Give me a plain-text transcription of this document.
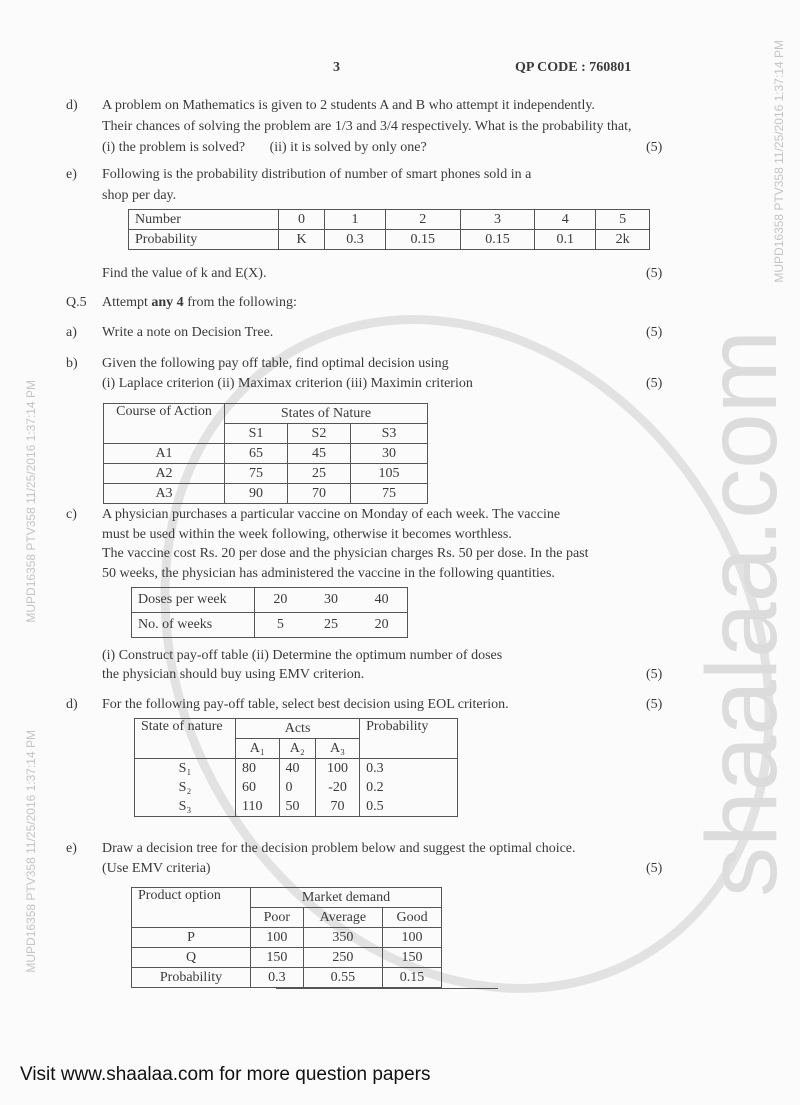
shaalaa.com
MUPD16358 PTV358 11/25/2016 1:37:14 PM
MUPD16358 PTV358 11/25/2016 1:37:14 PM
MUPD16358 PTV358 11/25/2016 1:37:14 PM
3	QP CODE : 760801
d) A problem on Mathematics is given to 2 students A and B who attempt it independently.
Their chances of solving the problem are 1/3 and 3/4 respectively. What is the probability that,
(i) the problem is solved?       (ii) it is solved by only one?	(5)
e) Following is the probability distribution of number of smart phones sold in a
shop per day.
Number	0	1	2	3	4	5
Probability	K	0.3	0.15	0.15	0.1	2k
Find the value of k and E(X).	(5)
Q.5 Attempt any 4 from the following:
a) Write a note on Decision Tree.	(5)
b) Given the following pay off table, find optimal decision using
(i) Laplace criterion (ii) Maximax criterion (iii) Maximin criterion	(5)
Course of Action	States of Nature		
	S1	S2	S3
A1	65	45	30
A2	75	25	105
A3	90	70	75
c) A physician purchases a particular vaccine on Monday of each week. The vaccine
must be used within the week following, otherwise it becomes worthless.
The vaccine cost Rs. 20 per dose and the physician charges Rs. 50 per dose. In the past
50 weeks, the physician has administered the vaccine in the following quantities.
Doses per week	20	30	40
No. of weeks	5	25	20
(i) Construct pay-off table (ii) Determine the optimum number of doses
the physician should buy using EMV criterion.	(5)
d) For the following pay-off table, select best decision using EOL criterion.	(5)
State of nature	Acts			Probability
	A₁	A₂	A₃	
S₁	80	40	100	0.3
S₂	60	0	-20	0.2
S₃	110	50	70	0.5
e) Draw a decision tree for the decision problem below and suggest the optimal choice.
(Use EMV criteria)	(5)
Product option	Market demand		
	Poor	Average	Good
P	100	350	100
Q	150	250	150
Probability	0.3	0.55	0.15
Visit www.shaalaa.com for more question papers
